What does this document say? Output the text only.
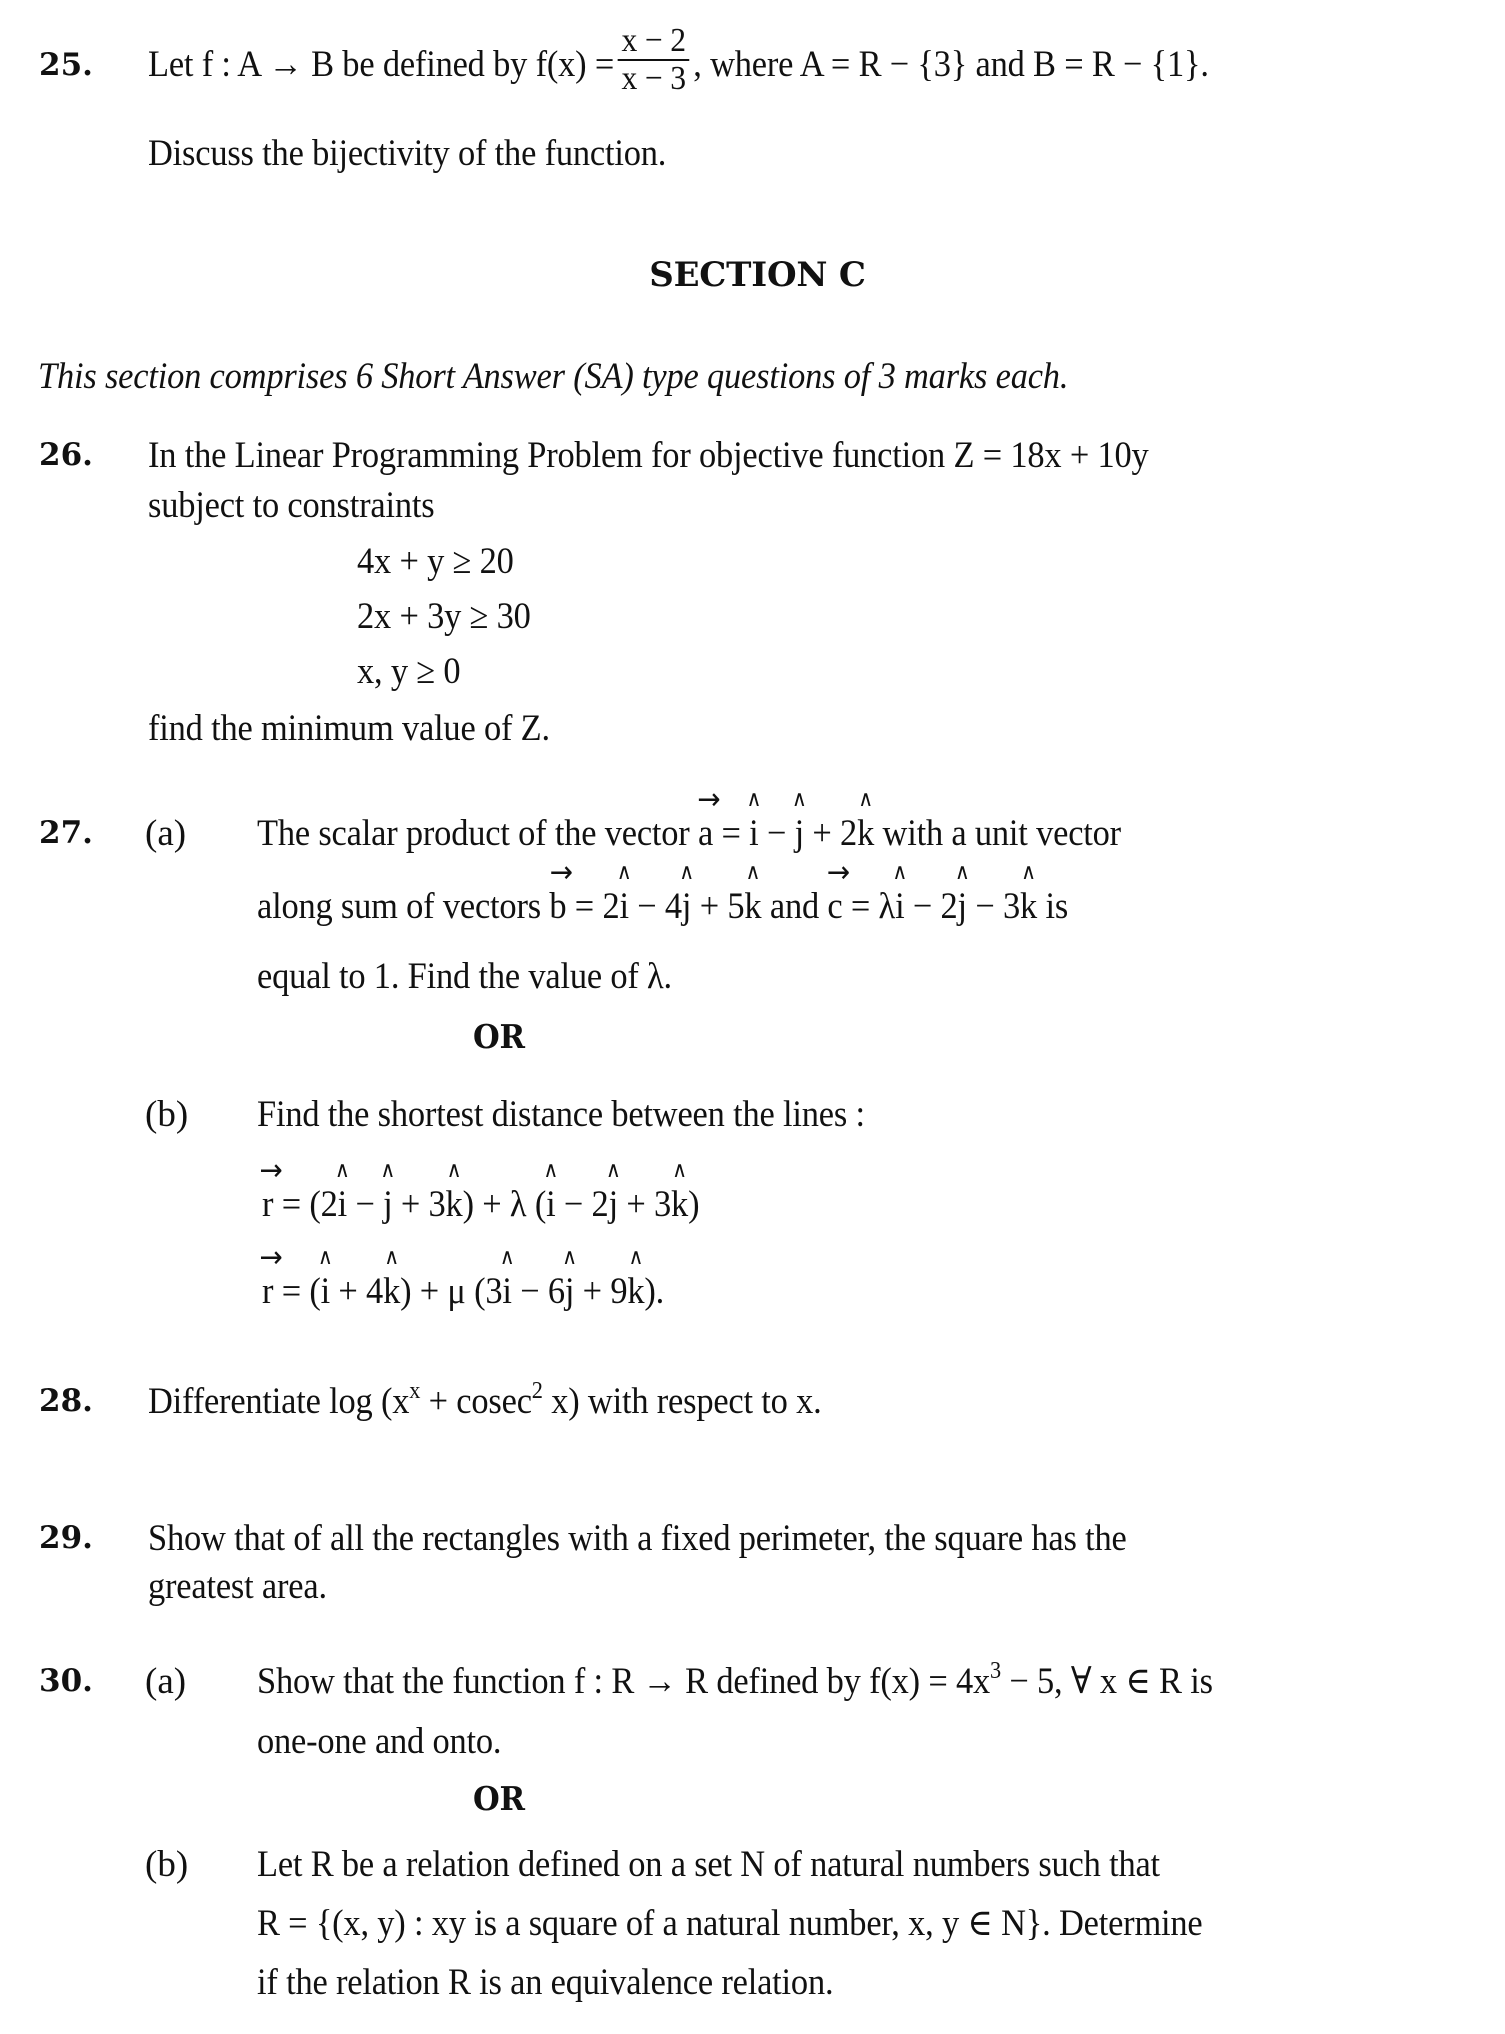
25. Let f : A → B be defined by $f(x) = \frac{x - 2}{x - 3}$ , where A = R − {3} and B = R − {1}.
Discuss the bijectivity of the function.
SECTION C
This section comprises 6 Short Answer (SA) type questions of 3 marks each.
26. In the Linear Programming Problem for objective function Z = 18x + 10y
subject to constraints
4x + y ≥ 20
2x + 3y ≥ 30
x, y ≥ 0
find the minimum value of Z.
27. (a) The scalar product of the vector → a = ∧ i − ∧ j + 2∧ k with a unit vector
along sum of vectors → b = 2∧ i − 4∧ j + 5∧ k and → c = λ∧ i − 2∧ j − 3∧ k is
equal to 1. Find the value of λ.
OR
(b) Find the shortest distance between the lines :
→ r = (2∧ i − ∧ j + 3∧ k) + λ (∧ i − 2∧ j + 3∧ k)
→ r = (∧ i + 4∧ k) + μ (3∧ i − 6∧ j + 9∧ k).
28. Differentiate $\log (x^x + cosec^2$ x) with respect to x.
29. Show that of all the rectangles with a fixed perimeter, the square has the
greatest area.
30. (a) Show that the function f : R → R defined by $f(x) = 4x^3 - 5$, ∀ x ∈ R is
one-one and onto.
OR
(b) Let R be a relation defined on a set N of natural numbers such that
R = {(x, y) : xy is a square of a natural number, x, y ∈ N}. Determine
if the relation R is an equivalence relation.
